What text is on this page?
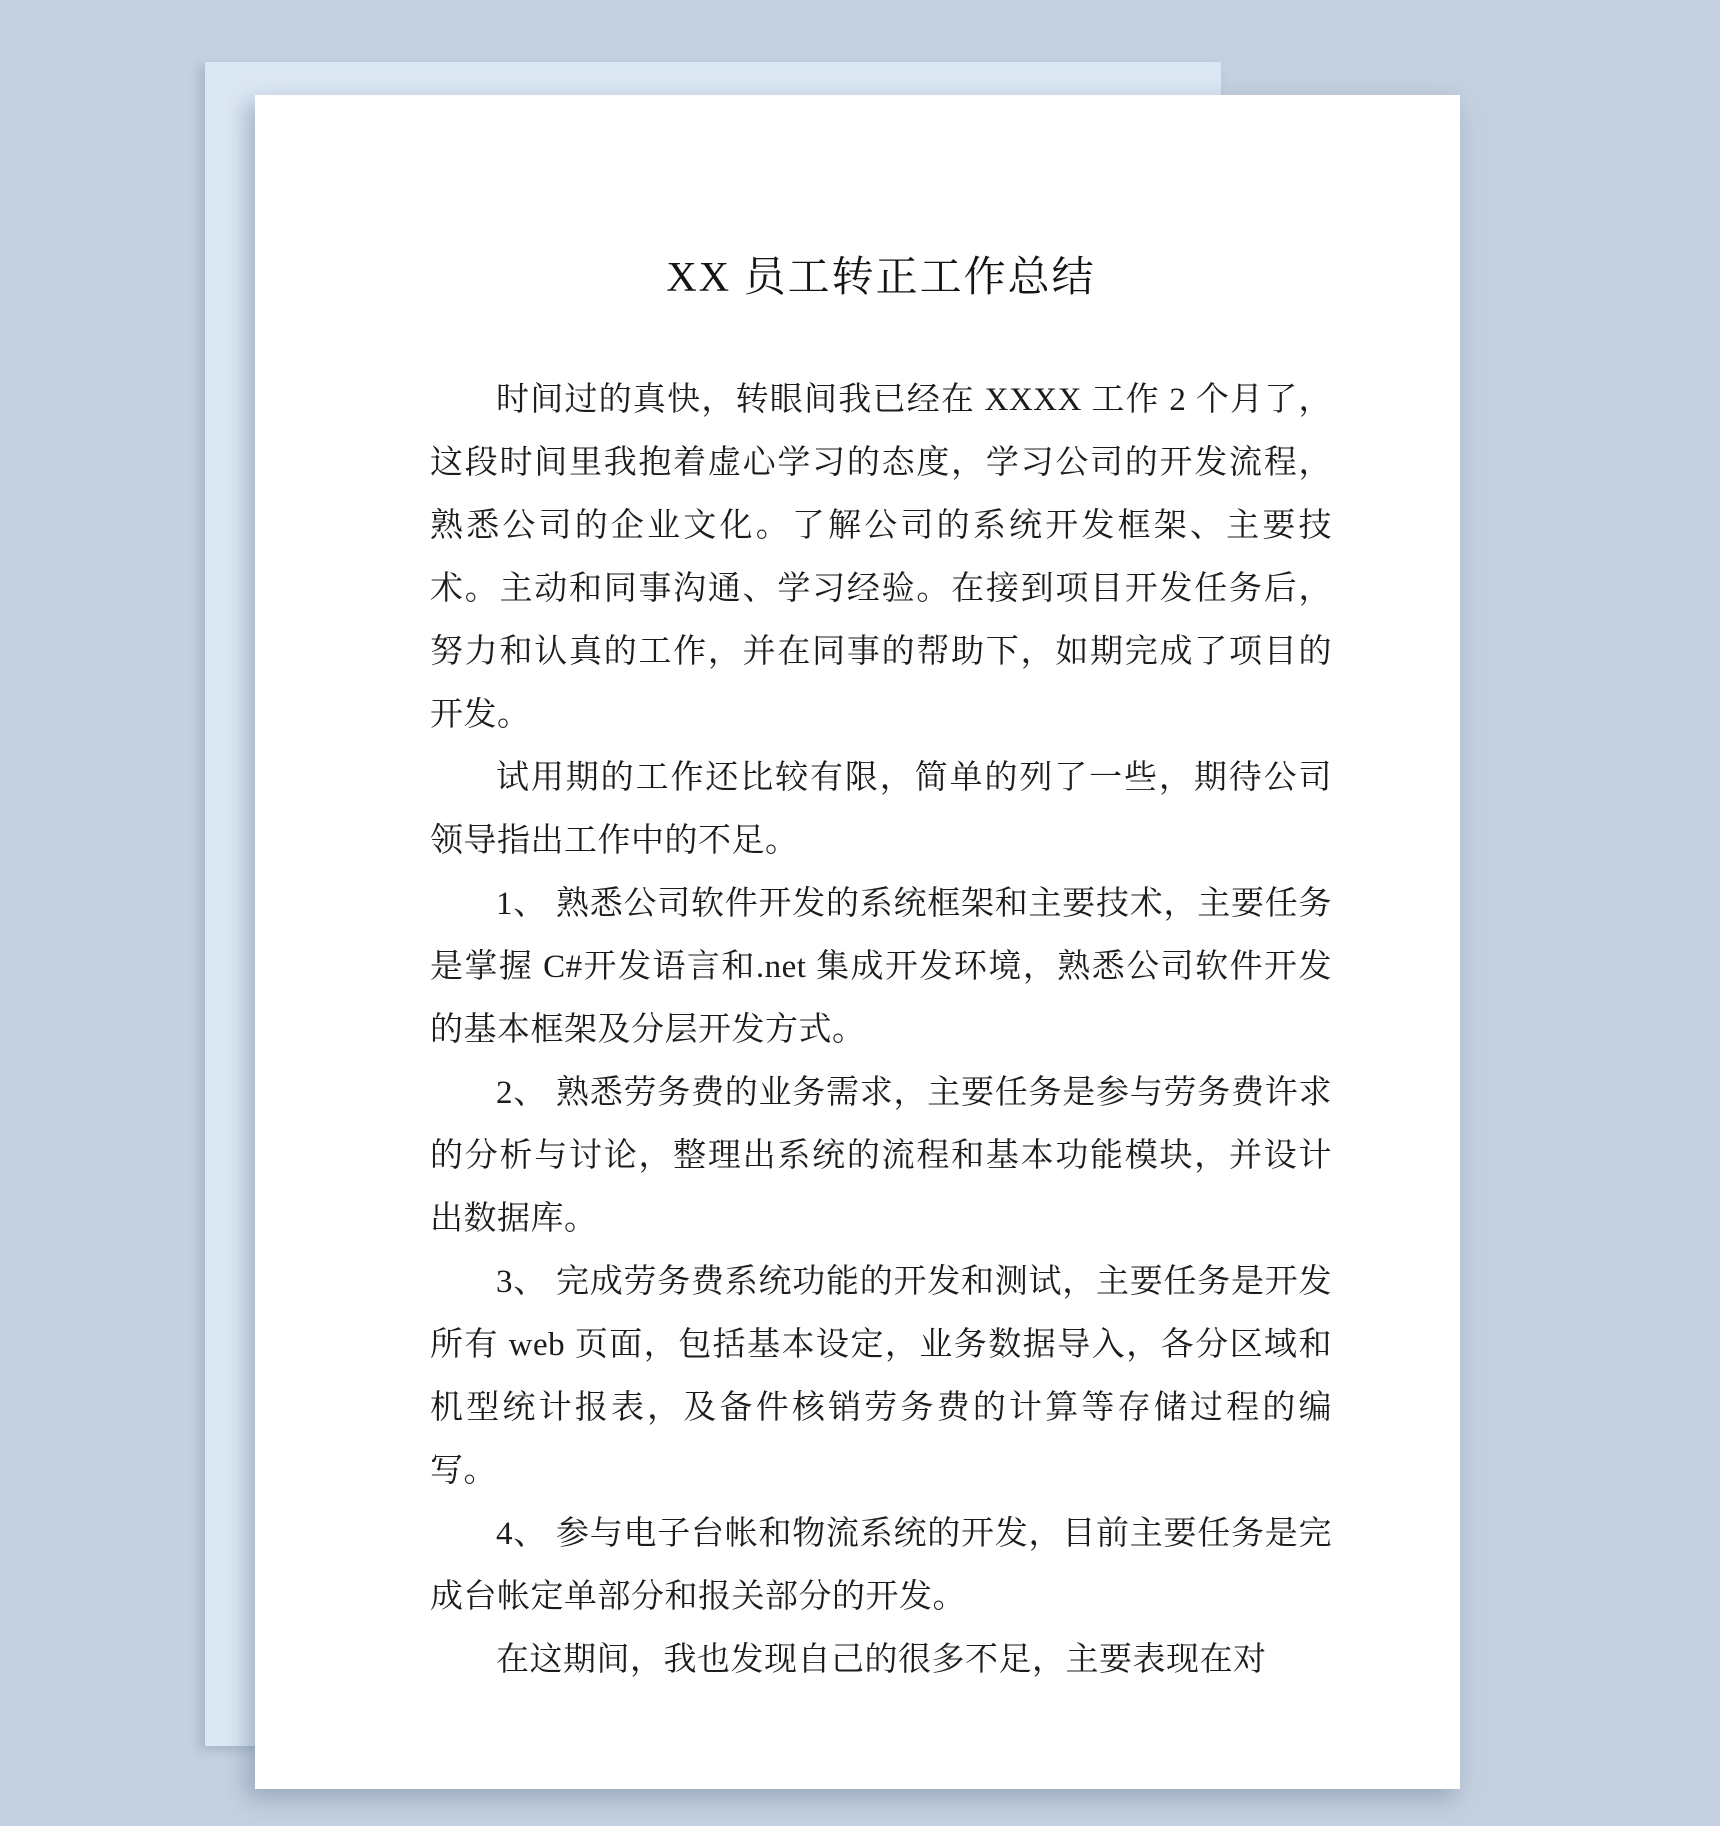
XX 员工转正工作总结

时间过的真快，转眼间我已经在 XXXX 工作 2 个月了，这段时间里我抱着虚心学习的态度，学习公司的开发流程，熟悉公司的企业文化。了解公司的系统开发框架、主要技术。主动和同事沟通、学习经验。在接到项目开发任务后，努力和认真的工作，并在同事的帮助下，如期完成了项目的开发。

试用期的工作还比较有限，简单的列了一些，期待公司领导指出工作中的不足。

1、 熟悉公司软件开发的系统框架和主要技术，主要任务是掌握 C#开发语言和.net 集成开发环境，熟悉公司软件开发的基本框架及分层开发方式。

2、 熟悉劳务费的业务需求，主要任务是参与劳务费许求的分析与讨论，整理出系统的流程和基本功能模块，并设计出数据库。

3、 完成劳务费系统功能的开发和测试，主要任务是开发所有 web 页面，包括基本设定，业务数据导入，各分区域和机型统计报表，及备件核销劳务费的计算等存储过程的编写。

4、 参与电子台帐和物流系统的开发，目前主要任务是完成台帐定单部分和报关部分的开发。

在这期间，我也发现自己的很多不足，主要表现在对
